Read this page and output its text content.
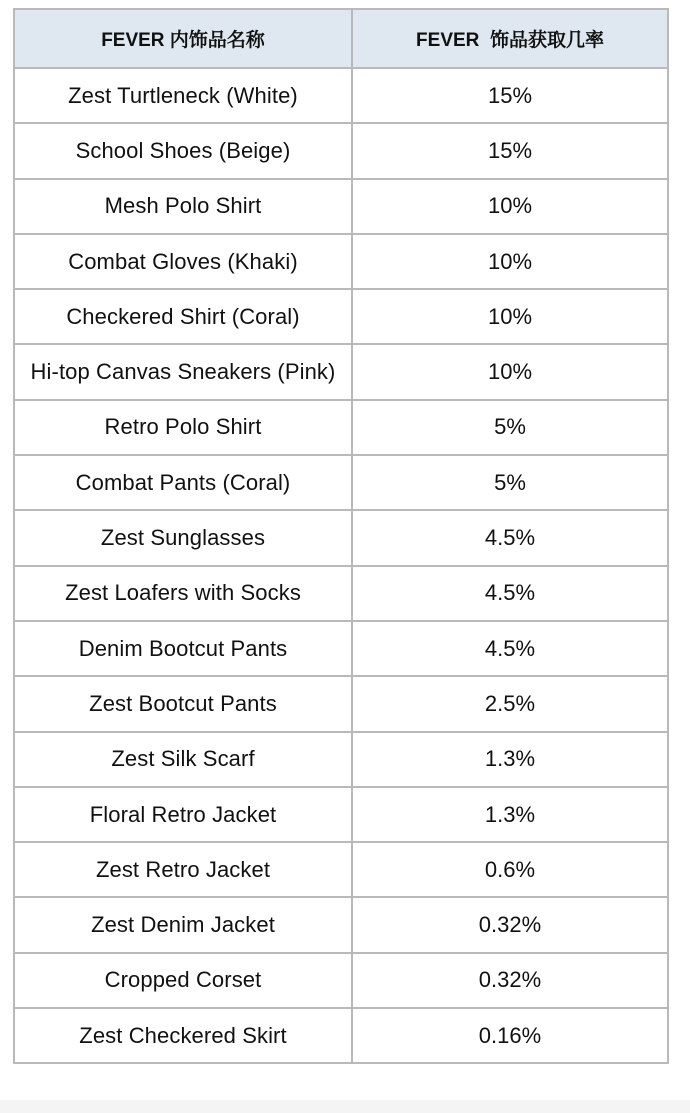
FEVER 内饰品名称	FEVER  饰品获取几率
Zest Turtleneck (White)	15%
School Shoes (Beige)	15%
Mesh Polo Shirt	10%
Combat Gloves (Khaki)	10%
Checkered Shirt (Coral)	10%
Hi-top Canvas Sneakers (Pink)	10%
Retro Polo Shirt	5%
Combat Pants (Coral)	5%
Zest Sunglasses	4.5%
Zest Loafers with Socks	4.5%
Denim Bootcut Pants	4.5%
Zest Bootcut Pants	2.5%
Zest Silk Scarf	1.3%
Floral Retro Jacket	1.3%
Zest Retro Jacket	0.6%
Zest Denim Jacket	0.32%
Cropped Corset	0.32%
Zest Checkered Skirt	0.16%
